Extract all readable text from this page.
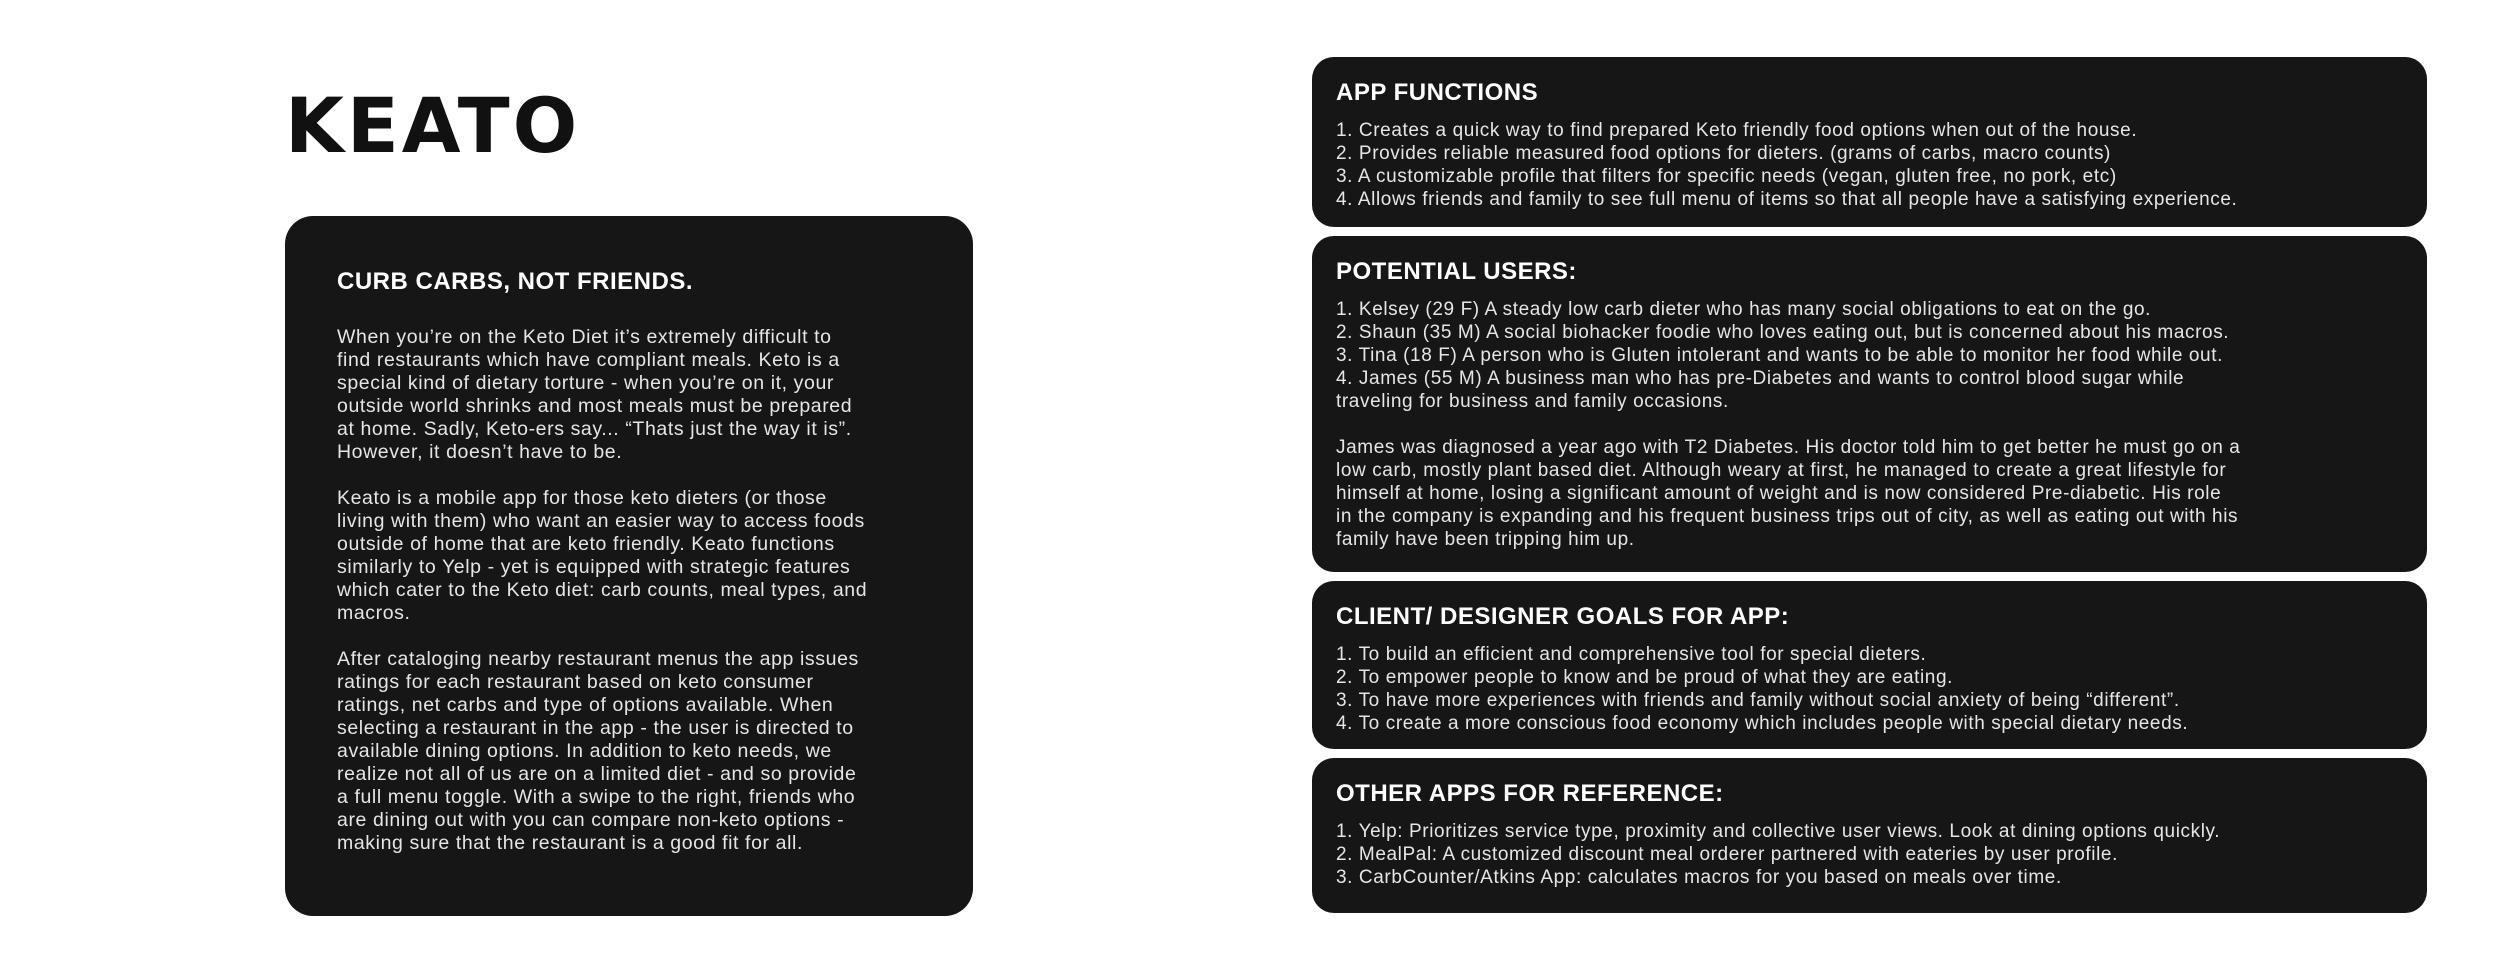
KEATO
CURB CARBS, NOT FRIENDS.

When you’re on the Keto Diet it’s extremely difficult to
find restaurants which have compliant meals. Keto is a
special kind of dietary torture - when you’re on it, your
outside world shrinks and most meals must be prepared
at home. Sadly, Keto-ers say... “Thats just the way it is”.
However, it doesn’t have to be.

Keato is a mobile app for those keto dieters (or those
living with them) who want an easier way to access foods
outside of home that are keto friendly. Keato functions
similarly to Yelp - yet is equipped with strategic features
which cater to the Keto diet: carb counts, meal types, and
macros.

After cataloging nearby restaurant menus the app issues
ratings for each restaurant based on keto consumer
ratings, net carbs and type of options available. When
selecting a restaurant in the app - the user is directed to
available dining options. In addition to keto needs, we
realize not all of us are on a limited diet - and so provide
a full menu toggle. With a swipe to the right, friends who
are dining out with you can compare non-keto options -
making sure that the restaurant is a good fit for all.

APP FUNCTIONS
1. Creates a quick way to find prepared Keto friendly food options when out of the house.
2. Provides reliable measured food options for dieters. (grams of carbs, macro counts)
3. A customizable profile that filters for specific needs (vegan, gluten free, no pork, etc)
4. Allows friends and family to see full menu of items so that all people have a satisfying experience.
POTENTIAL USERS:
1. Kelsey (29 F) A steady low carb dieter who has many social obligations to eat on the go.
2. Shaun (35 M) A social biohacker foodie who loves eating out, but is concerned about his macros.
3. Tina (18 F) A person who is Gluten intolerant and wants to be able to monitor her food while out.
4. James (55 M) A business man who has pre-Diabetes and wants to control blood sugar while
traveling for business and family occasions.

James was diagnosed a year ago with T2 Diabetes. His doctor told him to get better he must go on a
low carb, mostly plant based diet. Although weary at first, he managed to create a great lifestyle for
himself at home, losing a significant amount of weight and is now considered Pre-diabetic. His role
in the company is expanding and his frequent business trips out of city, as well as eating out with his
family have been tripping him up.

CLIENT/ DESIGNER GOALS FOR APP:
1. To build an efficient and comprehensive tool for special dieters.
2. To empower people to know and be proud of what they are eating.
3. To have more experiences with friends and family without social anxiety of being “different”.
4. To create a more conscious food economy which includes people with special dietary needs.
OTHER APPS FOR REFERENCE:
1. Yelp: Prioritizes service type, proximity and collective user views. Look at dining options quickly.
2. MealPal: A customized discount meal orderer partnered with eateries by user profile.
3. CarbCounter/Atkins App: calculates macros for you based on meals over time.
